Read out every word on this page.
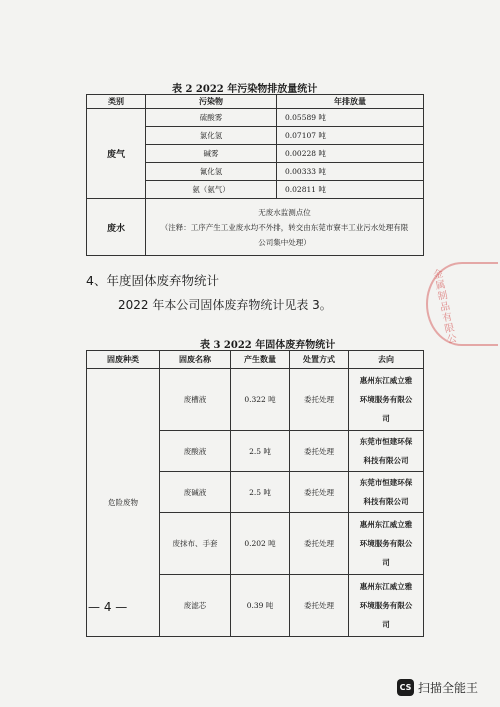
表 2 2022 年污染物排放量统计
类别	污染物	年排放量
废气	硫酸雾	0.05589 吨
	氯化氢	0.07107 吨
	碱雾	0.00228 吨
	氰化氢	0.00333 吨
	氨（氨气）	0.02811 吨
废水	无废水监测点位
（注释：工序产生工业废水均不外排，转交由东莞市寮丰工业污水处理有限
公司集中处理）	
4、年度固体废弃物统计
2022 年本公司固体废弃物统计见表 3。
表 3 2022 年固体废弃物统计
固废种类	固废名称	产生数量	处置方式	去向
危险废物	废槽液	0.322 吨	委托处理	惠州东江威立雅
环境服务有限公
司

	废酸液	2.5 吨	委托处理	东莞市恒建环保
科技有限公司

	废碱液	2.5 吨	委托处理	东莞市恒建环保
科技有限公司

	废抹布、手套	0.202 吨	委托处理	惠州东江威立雅
环境服务有限公
司

	废滤芯	0.39 吨	委托处理	惠州东江威立雅
环境服务有限公
司
金属制品有限公
— 4 —
CS 扫描全能王
